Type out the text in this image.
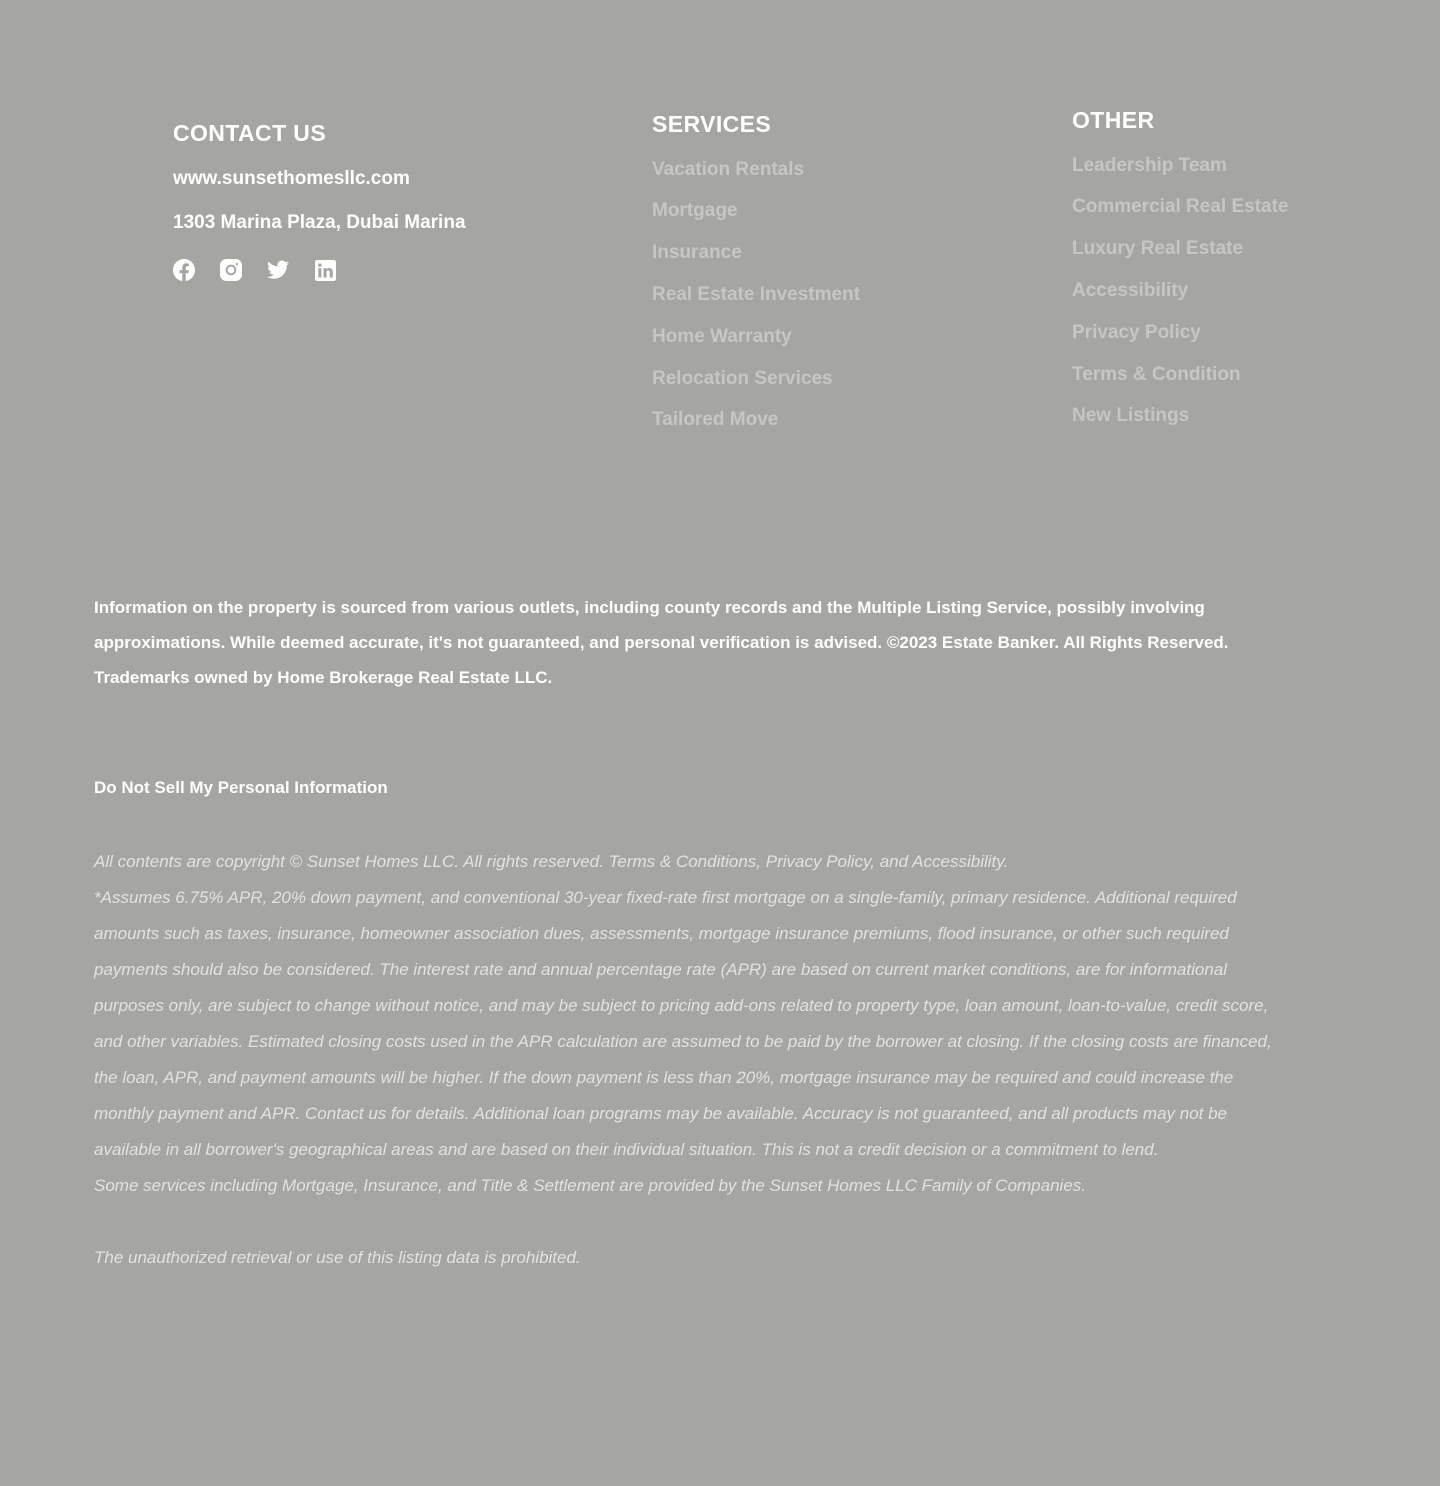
CONTACT US
www.sunsethomesllc.com
1303 Marina Plaza, Dubai Marina
SERVICES
Vacation Rentals
Mortgage
Insurance
Real Estate Investment
Home Warranty
Relocation Services
Tailored Move
OTHER
Leadership Team
Commercial Real Estate
Luxury Real Estate
Accessibility
Privacy Policy
Terms & Condition
New Listings

Information on the property is sourced from various outlets, including county records and the Multiple Listing Service, possibly involving approximations. While deemed accurate, it's not guaranteed, and personal verification is advised. ©2023 Estate Banker. All Rights Reserved. Trademarks owned by Home Brokerage Real Estate LLC.

Do Not Sell My Personal Information

All contents are copyright © Sunset Homes LLC. All rights reserved. Terms & Conditions, Privacy Policy, and Accessibility.

*Assumes 6.75% APR, 20% down payment, and conventional 30-year fixed-rate first mortgage on a single-family, primary residence. Additional required amounts such as taxes, insurance, homeowner association dues, assessments, mortgage insurance premiums, flood insurance, or other such required payments should also be considered. The interest rate and annual percentage rate (APR) are based on current market conditions, are for informational purposes only, are subject to change without notice, and may be subject to pricing add-ons related to property type, loan amount, loan-to-value, credit score, and other variables. Estimated closing costs used in the APR calculation are assumed to be paid by the borrower at closing. If the closing costs are financed, the loan, APR, and payment amounts will be higher. If the down payment is less than 20%, mortgage insurance may be required and could increase the monthly payment and APR. Contact us for details. Additional loan programs may be available. Accuracy is not guaranteed, and all products may not be available in all borrower's geographical areas and are based on their individual situation. This is not a credit decision or a commitment to lend.

Some services including Mortgage, Insurance, and Title & Settlement are provided by the Sunset Homes LLC Family of Companies.

The unauthorized retrieval or use of this listing data is prohibited.
